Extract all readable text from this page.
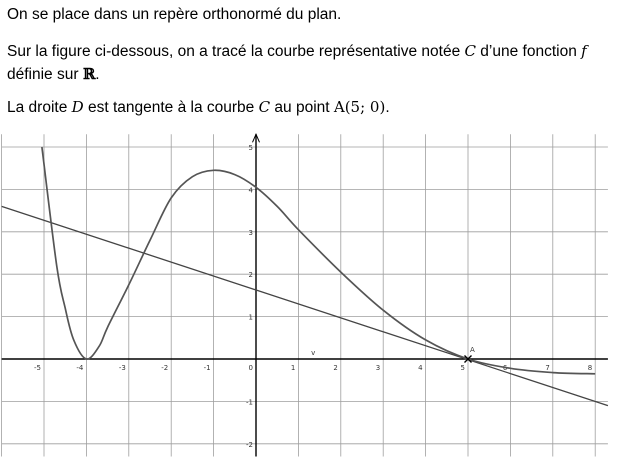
On se place dans un repère orthonormé du plan.

Sur la figure ci-dessous, on a tracé la courbe représentative notée 𝐶 d’une fonction f
définie sur ℝ.

La droite D est tangente à la courbe 𝐶 au point A(5; 0).

-5	-4	-3	-2	-1	0	1	2	3	4	5	6	7	8
-2
-1
1
2
3
4
5
v	A
